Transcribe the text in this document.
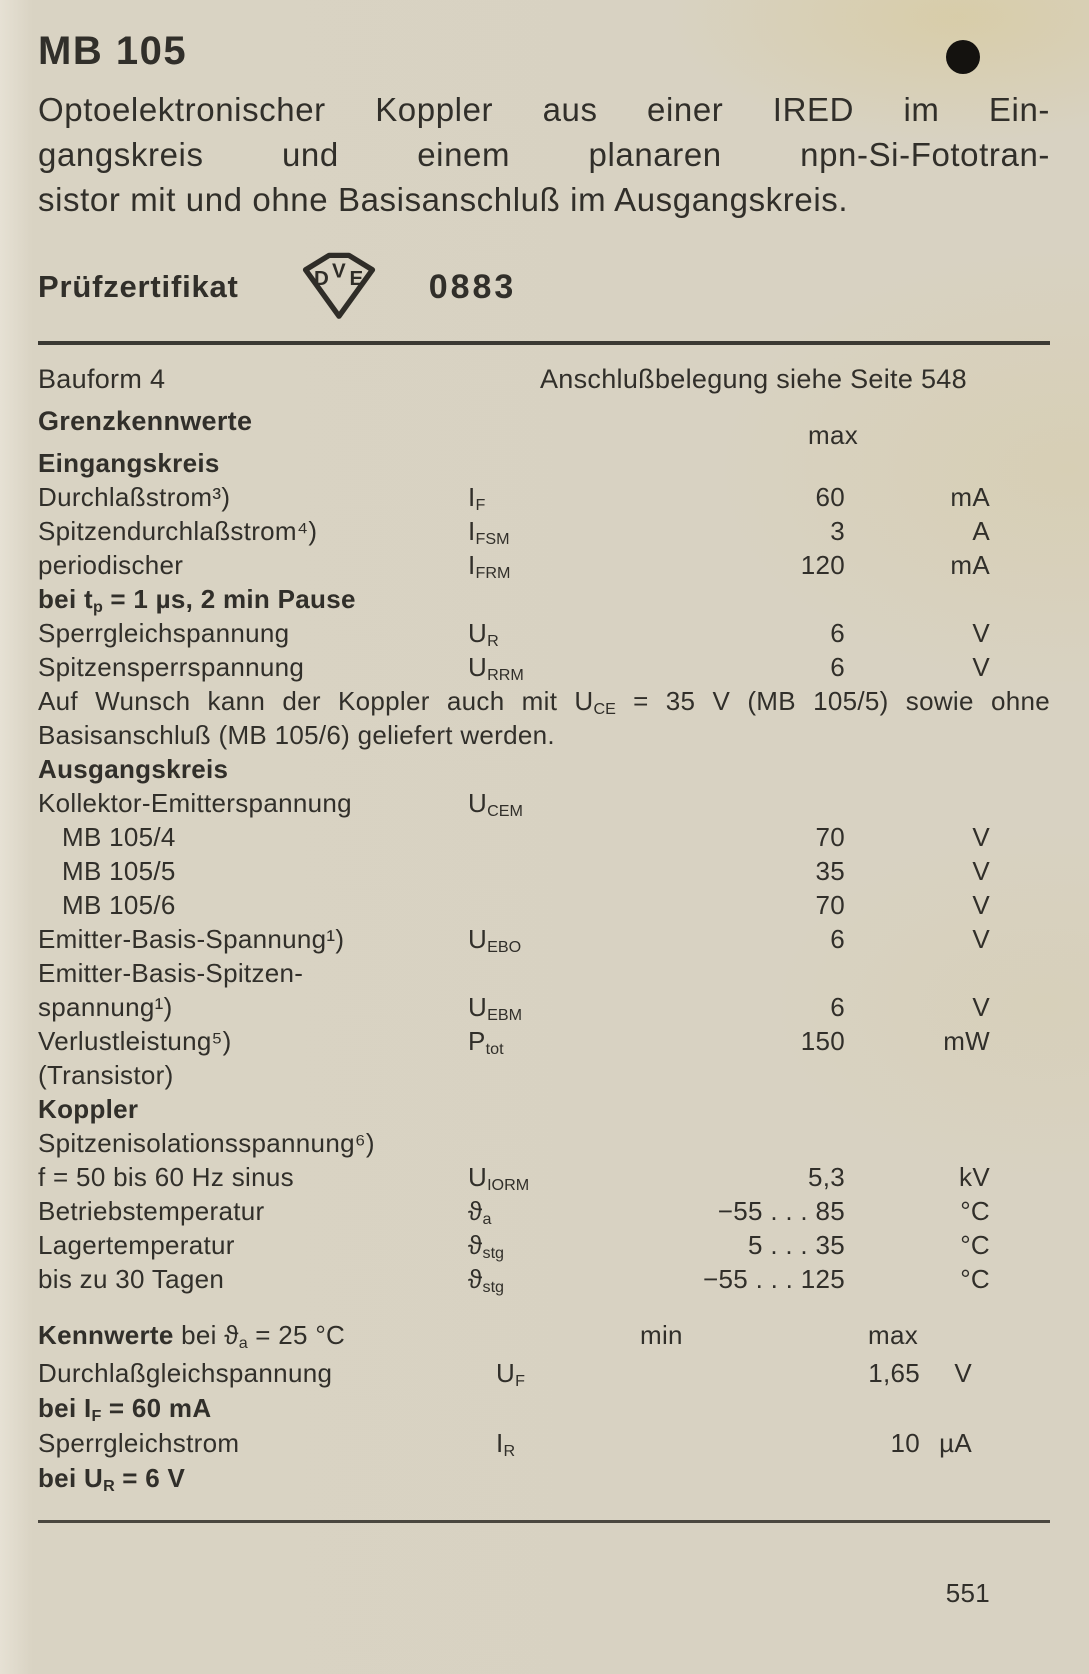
MB 105
Optoelektronischer Koppler aus einer IRED im Ein-
gangskreis und einem planaren npn-Si-Fototran-
sistor mit und ohne Basisanschluß im Ausgangskreis.
Prüfzertifikat	D V E 0883
Bauform 4	Anschlußbelegung siehe Seite 548
Grenzkennwerte	max
Eingangskreis
Durchlaßstrom³)	$I_F$	60	mA
Spitzendurchlaßstrom⁴)	$I_{FSM}$	3	A
periodischer	$I_{FRM}$	120	mA
bei $t_p = 1$ µs, 2 min Pause
Sperrgleichspannung	$U_R$	6	V
Spitzensperrspannung	$U_{RRM}$	6	V
Auf Wunsch kann der Koppler auch mit $U_{CE} = 35$ V (MB 105/5) sowie ohne
Basisanschluß (MB 105/6) geliefert werden.
Ausgangskreis
Kollektor-Emitterspannung	$U_{CEM}$
MB 105/4	70	V
MB 105/5	35	V
MB 105/6	70	V
Emitter-Basis-Spannung¹)	$U_{EBO}$	6	V
Emitter-Basis-Spitzen-
spannung¹)	$U_{EBM}$	6	V
Verlustleistung⁵)	$P_{tot}$	150	mW
(Transistor)
Koppler
Spitzenisolationsspannung⁶)
f = 50 bis 60 Hz sinus	$U_{IORM}$	5,3	kV
Betriebstemperatur	$ϑ_a$	−55 . . . 85	°C
Lagertemperatur	$ϑ_{stg}$	5 . . . 35	°C
bis zu 30 Tagen	$ϑ_{stg}$	−55 . . . 125	°C
Kennwerte bei $ϑ_a = 25$ °C	min	max
Durchlaßgleichspannung	$U_F$	1,65 V
bei $I_F = 60$ mA
Sperrgleichstrom	$I_R$	10 µA
bei $U_R = 6$ V
551
